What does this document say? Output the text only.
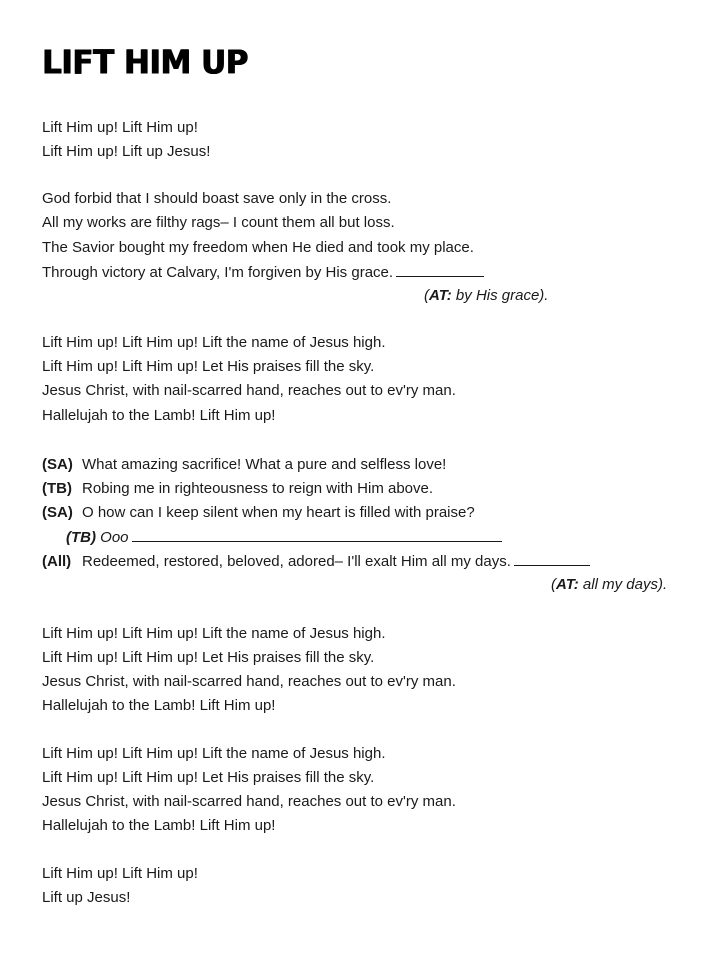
LIFT HIM UP
Lift Him up! Lift Him up!
Lift Him up! Lift up Jesus!
God forbid that I should boast save only in the cross.
All my works are filthy rags– I count them all but loss.
The Savior bought my freedom when He died and took my place.
Through victory at Calvary, I'm forgiven by His grace.
(AT: by His grace).
Lift Him up! Lift Him up! Lift the name of Jesus high.
Lift Him up! Lift Him up! Let His praises fill the sky.
Jesus Christ, with nail-scarred hand, reaches out to ev'ry man.
Hallelujah to the Lamb! Lift Him up!
(SA) What amazing sacrifice! What a pure and selfless love!
(TB) Robing me in righteousness to reign with Him above.
(SA) O how can I keep silent when my heart is filled with praise?
(TB) Ooo
(All) Redeemed, restored, beloved, adored– I'll exalt Him all my days.
(AT: all my days).
Lift Him up! Lift Him up! Lift the name of Jesus high.
Lift Him up! Lift Him up! Let His praises fill the sky.
Jesus Christ, with nail-scarred hand, reaches out to ev'ry man.
Hallelujah to the Lamb! Lift Him up!
Lift Him up! Lift Him up! Lift the name of Jesus high.
Lift Him up! Lift Him up! Let His praises fill the sky.
Jesus Christ, with nail-scarred hand, reaches out to ev'ry man.
Hallelujah to the Lamb! Lift Him up!
Lift Him up! Lift Him up!
Lift up Jesus!
